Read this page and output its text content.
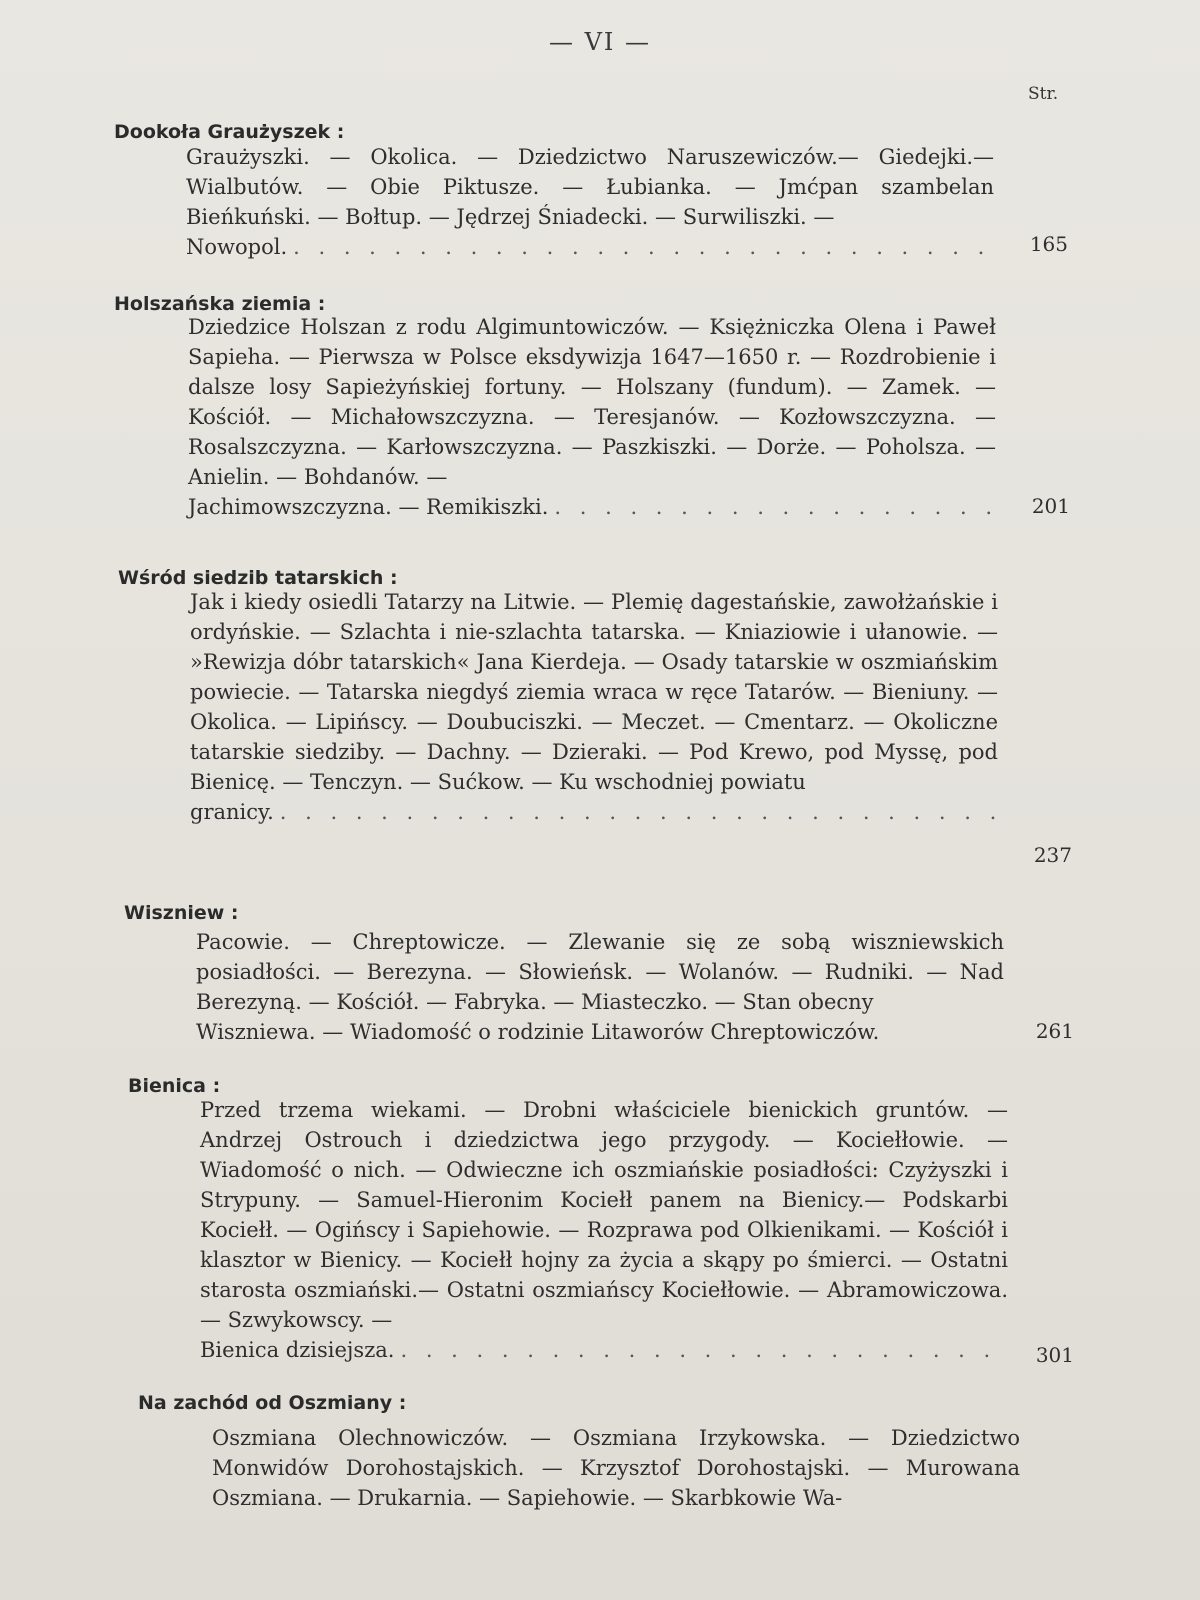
— VI —
Str.
Dookoła Graużyszek :

Graużyszki. — Okolica. — Dziedzictwo Naruszewiczów.— Giedejki.— Wialbutów. — Obie Piktusze. — Łubianka. — Jmćpan szambelan Bieńkuński. — Bołtup. — Jędrzej Śniadecki. — Surwiliszki. —
Nowopol. . . .	165
Holszańska ziemia :

Dziedzice Holszan z rodu Algimuntowiczów. — Księżniczka Olena i Paweł Sapieha. — Pierwsza w Polsce eksdywizja 1647—1650 r. — Rozdrobienie i dalsze losy Sapieżyńskiej fortuny. — Holszany (fundum). — Zamek. — Kościół. — Michałowszczyzna. — Teresjanów. — Kozłowszczyzna. — Rosalszczyzna. — Karłowszczyzna. — Paszkiszki. — Dorże. — Poholsza. — Anielin. — Bohdanów. —
Jachimowszczyzna. — Remikiszki. . . .	201
Wśród siedzib tatarskich :

Jak i kiedy osiedli Tatarzy na Litwie. — Plemię dagestańskie, zawołżańskie i ordyńskie. — Szlachta i nie-szlachta tatarska. — Kniaziowie i ułanowie. — »Rewizja dóbr tatarskich« Jana Kierdeja. — Osady tatarskie w oszmiańskim powiecie. — Tatarska niegdyś ziemia wraca w ręce Tatarów. — Bieniuny. — Okolica. — Lipińscy. — Doubuciszki. — Meczet. — Cmentarz. — Okoliczne tatarskie siedziby. — Dachny. — Dzieraki. — Pod Krewo, pod Myssę, pod Bienicę. — Tenczyn. — Sućkow. — Ku wschodniej powiatu
granicy.
. . .

237
Wiszniew :

Pacowie. — Chreptowicze. — Zlewanie się ze sobą wiszniewskich posiadłości. — Berezyna. — Słowieńsk. — Wolanów. — Rudniki. — Nad Berezyną. — Kościół. — Fabryka. — Miasteczko. — Stan obecny
Wiszniewa. — Wiadomość o rodzinie Litaworów Chreptowiczów.	261
Bienica :

Przed trzema wiekami. — Drobni właściciele bienickich gruntów. — Andrzej Ostrouch i dziedzictwa jego przygody. — Kociełłowie. — Wiadomość o nich. — Odwieczne ich oszmiańskie posiadłości: Czyżyszki i Strypuny. — Samuel-Hieronim Kociełł panem na Bienicy.— Podskarbi Kociełł. — Ogińscy i Sapiehowie. — Rozprawa pod Olkienikami. — Kościół i klasztor w Bienicy. — Kociełł hojny za życia a skąpy po śmierci. — Ostatni starosta oszmiański.— Ostatni oszmiańscy Kociełłowie. — Abramowiczowa. — Szwykowscy. —
Bienica dzisiejsza. . . .	301
Na zachód od Oszmiany :

Oszmiana Olechnowiczów. — Oszmiana Irzykowska. — Dziedzictwo Monwidów Dorohostajskich. — Krzysztof Dorohostajski. — Murowana Oszmiana. — Drukarnia. — Sapiehowie. — Skarbkowie Wa-
